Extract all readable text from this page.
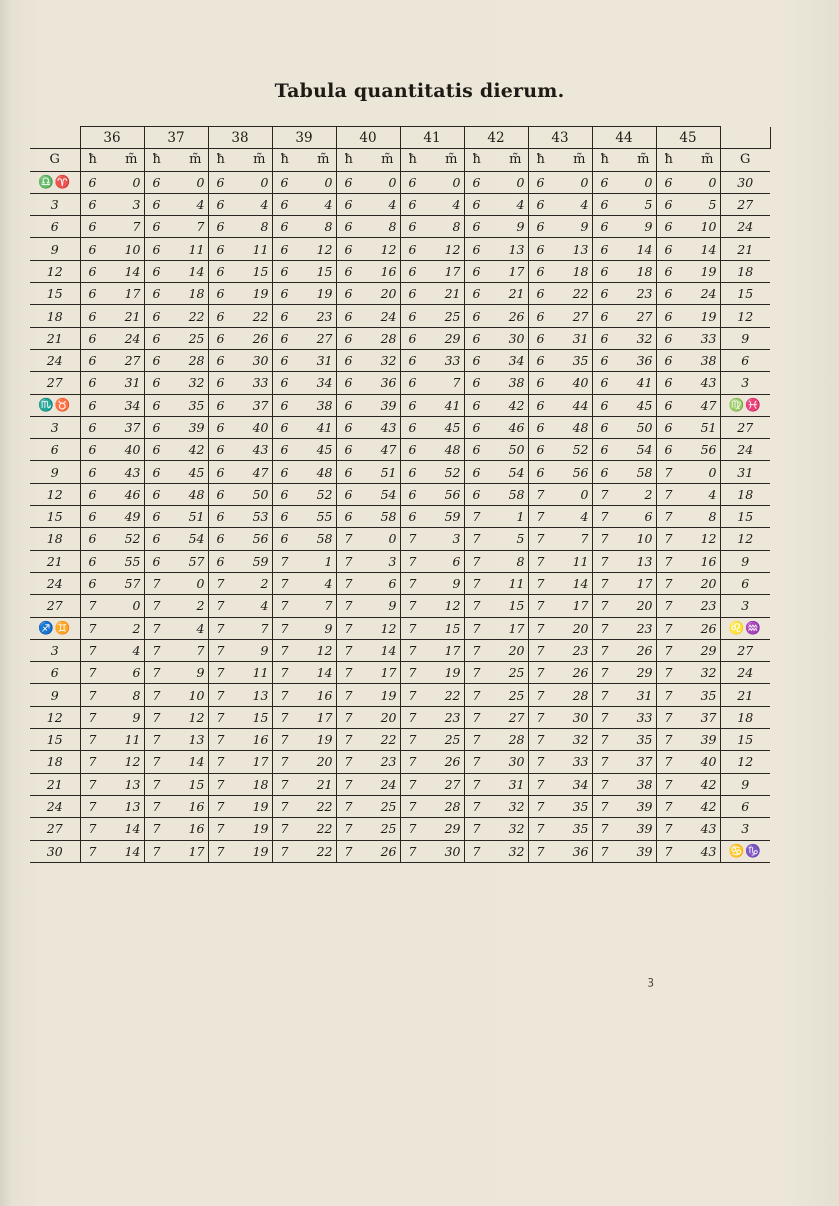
Tabula quantitatis dierum.
	36		37		38		39		40		41		42		43		44		45		
G	ħ	m̃	ħ	m̃	ħ	m̃	ħ	m̃	ħ	m̃	ħ	m̃	ħ	m̃	ħ	m̃	ħ	m̃	ħ	m̃	G
♎♈	6	0	6	0	6	0	6	0	6	0	6	0	6	0	6	0	6	0	6	0	30
3	6	3	6	4	6	4	6	4	6	4	6	4	6	4	6	4	6	5	6	5	27
6	6	7	6	7	6	8	6	8	6	8	6	8	6	9	6	9	6	9	6	10	24
9	6	10	6	11	6	11	6	12	6	12	6	12	6	13	6	13	6	14	6	14	21
12	6	14	6	14	6	15	6	15	6	16	6	17	6	17	6	18	6	18	6	19	18
15	6	17	6	18	6	19	6	19	6	20	6	21	6	21	6	22	6	23	6	24	15
18	6	21	6	22	6	22	6	23	6	24	6	25	6	26	6	27	6	27	6	19	12
21	6	24	6	25	6	26	6	27	6	28	6	29	6	30	6	31	6	32	6	33	9
24	6	27	6	28	6	30	6	31	6	32	6	33	6	34	6	35	6	36	6	38	6
27	6	31	6	32	6	33	6	34	6	36	6	7	6	38	6	40	6	41	6	43	3
♏♉	6	34	6	35	6	37	6	38	6	39	6	41	6	42	6	44	6	45	6	47	♍♓
3	6	37	6	39	6	40	6	41	6	43	6	45	6	46	6	48	6	50	6	51	27
6	6	40	6	42	6	43	6	45	6	47	6	48	6	50	6	52	6	54	6	56	24
9	6	43	6	45	6	47	6	48	6	51	6	52	6	54	6	56	6	58	7	0	31
12	6	46	6	48	6	50	6	52	6	54	6	56	6	58	7	0	7	2	7	4	18
15	6	49	6	51	6	53	6	55	6	58	6	59	7	1	7	4	7	6	7	8	15
18	6	52	6	54	6	56	6	58	7	0	7	3	7	5	7	7	7	10	7	12	12
21	6	55	6	57	6	59	7	1	7	3	7	6	7	8	7	11	7	13	7	16	9
24	6	57	7	0	7	2	7	4	7	6	7	9	7	11	7	14	7	17	7	20	6
27	7	0	7	2	7	4	7	7	7	9	7	12	7	15	7	17	7	20	7	23	3
♐♊	7	2	7	4	7	7	7	9	7	12	7	15	7	17	7	20	7	23	7	26	♌♒
3	7	4	7	7	7	9	7	12	7	14	7	17	7	20	7	23	7	26	7	29	27
6	7	6	7	9	7	11	7	14	7	17	7	19	7	25	7	26	7	29	7	32	24
9	7	8	7	10	7	13	7	16	7	19	7	22	7	25	7	28	7	31	7	35	21
12	7	9	7	12	7	15	7	17	7	20	7	23	7	27	7	30	7	33	7	37	18
15	7	11	7	13	7	16	7	19	7	22	7	25	7	28	7	32	7	35	7	39	15
18	7	12	7	14	7	17	7	20	7	23	7	26	7	30	7	33	7	37	7	40	12
21	7	13	7	15	7	18	7	21	7	24	7	27	7	31	7	34	7	38	7	42	9
24	7	13	7	16	7	19	7	22	7	25	7	28	7	32	7	35	7	39	7	42	6
27	7	14	7	16	7	19	7	22	7	25	7	29	7	32	7	35	7	39	7	43	3
30	7	14	7	17	7	19	7	22	7	26	7	30	7	32	7	36	7	39	7	43	♋♑
ꝫ
